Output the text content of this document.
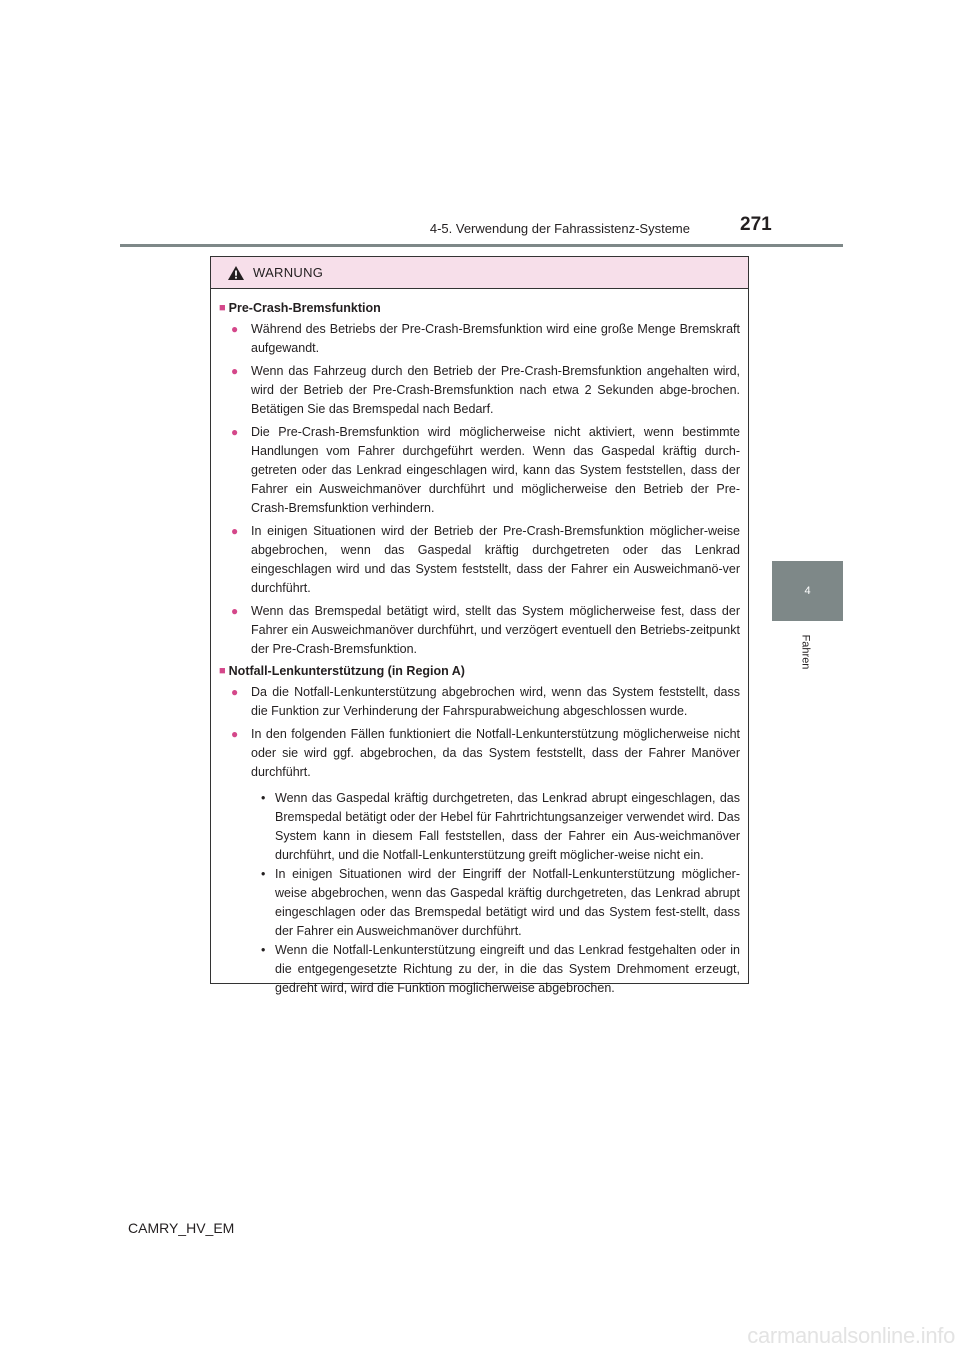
4-5. Verwendung der Fahrassistenz-Systeme	271
4
Fahren
WARNUNG
■ Pre-Crash-Bremsfunktion
●	Während des Betriebs der Pre-Crash-Bremsfunktion wird eine große Menge Bremskraft aufgewandt.
●	Wenn das Fahrzeug durch den Betrieb der Pre-Crash-Bremsfunktion angehalten wird, wird der Betrieb der Pre-Crash-Bremsfunktion nach etwa 2 Sekunden abge-brochen. Betätigen Sie das Bremspedal nach Bedarf.
●	Die Pre-Crash-Bremsfunktion wird möglicherweise nicht aktiviert, wenn bestimmte Handlungen vom Fahrer durchgeführt werden. Wenn das Gaspedal kräftig durch-getreten oder das Lenkrad eingeschlagen wird, kann das System feststellen, dass der Fahrer ein Ausweichmanöver durchführt und möglicherweise den Betrieb der Pre-Crash-Bremsfunktion verhindern.
●	In einigen Situationen wird der Betrieb der Pre-Crash-Bremsfunktion möglicher-weise abgebrochen, wenn das Gaspedal kräftig durchgetreten oder das Lenkrad eingeschlagen wird und das System feststellt, dass der Fahrer ein Ausweichmanö-ver durchführt.
●	Wenn das Bremspedal betätigt wird, stellt das System möglicherweise fest, dass der Fahrer ein Ausweichmanöver durchführt, und verzögert eventuell den Betriebs-zeitpunkt der Pre-Crash-Bremsfunktion.
■ Notfall-Lenkunterstützung (in Region A)
●	Da die Notfall-Lenkunterstützung abgebrochen wird, wenn das System feststellt, dass die Funktion zur Verhinderung der Fahrspurabweichung abgeschlossen wurde.
●	In den folgenden Fällen funktioniert die Notfall-Lenkunterstützung möglicherweise nicht oder sie wird ggf. abgebrochen, da das System feststellt, dass der Fahrer Manöver durchführt.
• Wenn das Gaspedal kräftig durchgetreten, das Lenkrad abrupt eingeschlagen, das Bremspedal betätigt oder der Hebel für Fahrtrichtungsanzeiger verwendet wird. Das System kann in diesem Fall feststellen, dass der Fahrer ein Aus-weichmanöver durchführt, und die Notfall-Lenkunterstützung greift möglicher-weise nicht ein.
• In einigen Situationen wird der Eingriff der Notfall-Lenkunterstützung möglicher-weise abgebrochen, wenn das Gaspedal kräftig durchgetreten, das Lenkrad abrupt eingeschlagen oder das Bremspedal betätigt wird und das System fest-stellt, dass der Fahrer ein Ausweichmanöver durchführt.
• Wenn die Notfall-Lenkunterstützung eingreift und das Lenkrad festgehalten oder in die entgegengesetzte Richtung zu der, in die das System Drehmoment erzeugt, gedreht wird, wird die Funktion möglicherweise abgebrochen.
CAMRY_HV_EM
carmanualsonline.info
